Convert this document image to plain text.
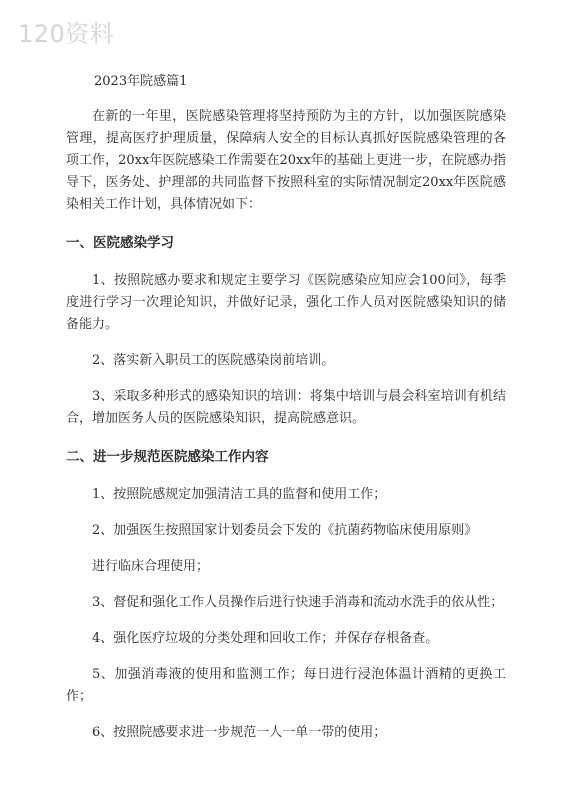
120资料
2023年院感篇1

在新的一年里，医院感染管理将坚持预防为主的方针，以加强医院感染管理，提高医疗护理质量，保障病人安全的目标认真抓好医院感染管理的各项工作，20xx年医院感染工作需要在20xx年的基础上更进一步，在院感办指导下，医务处、护理部的共同监督下按照科室的实际情况制定20xx年医院感染相关工作计划，具体情况如下：

一、医院感染学习

1、按照院感办要求和规定主要学习《医院感染应知应会100问》，每季度进行学习一次理论知识，并做好记录，强化工作人员对医院感染知识的储备能力。

2、落实新入职员工的医院感染岗前培训。

3、采取多种形式的感染知识的培训：将集中培训与晨会科室培训有机结合，增加医务人员的医院感染知识，提高院感意识。

二、进一步规范医院感染工作内容

1、按照院感规定加强清洁工具的监督和使用工作；

2、加强医生按照国家计划委员会下发的《抗菌药物临床使用原则》

进行临床合理使用；

3、督促和强化工作人员操作后进行快速手消毒和流动水洗手的依从性；

4、强化医疗垃圾的分类处理和回收工作；并保存存根备查。

5、加强消毒液的使用和监测工作；每日进行浸泡体温计酒精的更换工作；

6、按照院感要求进一步规范一人一单一带的使用；
